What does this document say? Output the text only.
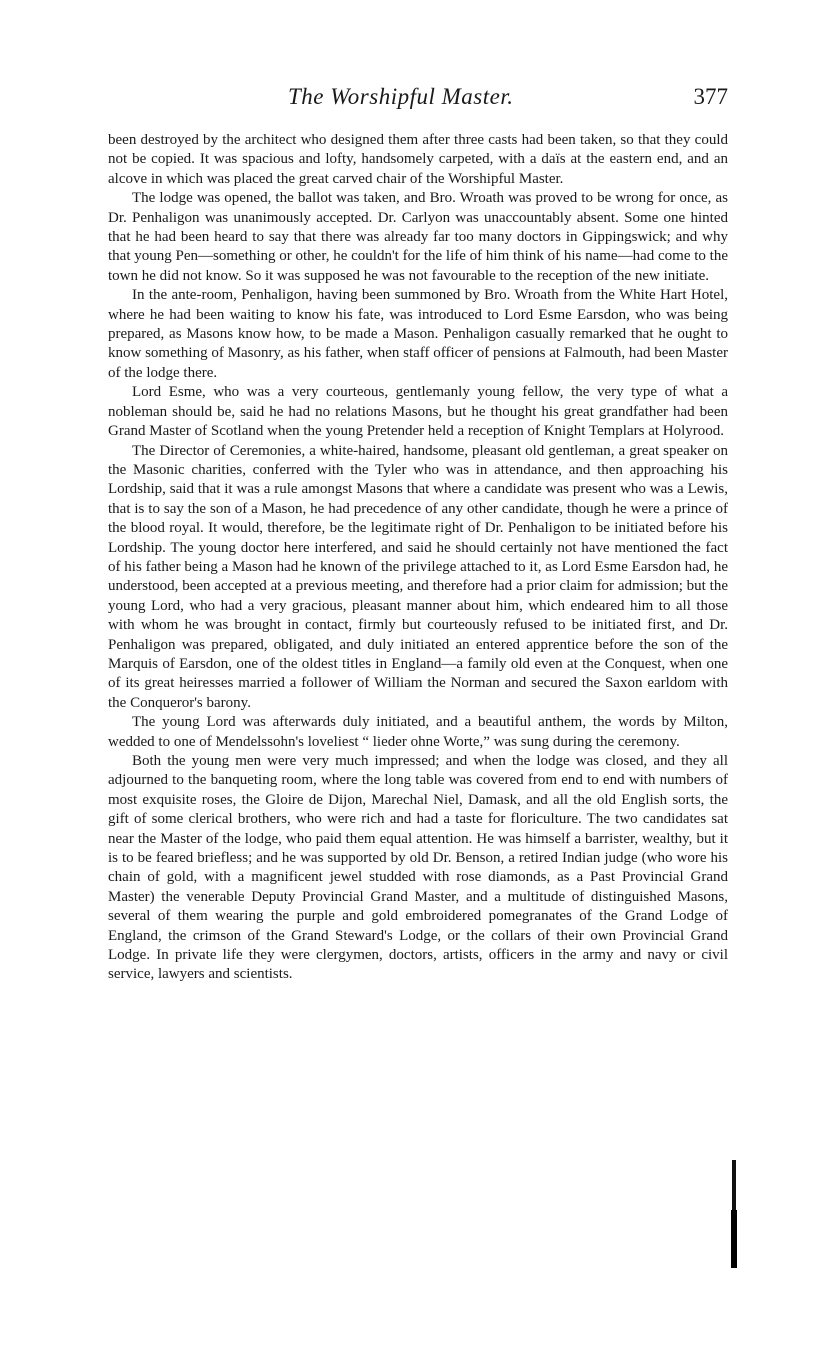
The Worshipful Master.	377

been destroyed by the architect who designed them after three casts had been taken, so that they could not be copied. It was spacious and lofty, handsomely carpeted, with a daïs at the eastern end, and an alcove in which was placed the great carved chair of the Worshipful Master.

The lodge was opened, the ballot was taken, and Bro. Wroath was proved to be wrong for once, as Dr. Penhaligon was unanimously accepted. Dr. Carlyon was unaccountably absent. Some one hinted that he had been heard to say that there was already far too many doctors in Gippingswick; and why that young Pen—something or other, he couldn't for the life of him think of his name—had come to the town he did not know. So it was supposed he was not favourable to the reception of the new initiate.

In the ante-room, Penhaligon, having been summoned by Bro. Wroath from the White Hart Hotel, where he had been waiting to know his fate, was introduced to Lord Esme Earsdon, who was being prepared, as Masons know how, to be made a Mason. Penhaligon casually remarked that he ought to know something of Masonry, as his father, when staff officer of pensions at Falmouth, had been Master of the lodge there.

Lord Esme, who was a very courteous, gentlemanly young fellow, the very type of what a nobleman should be, said he had no relations Masons, but he thought his great grandfather had been Grand Master of Scotland when the young Pretender held a reception of Knight Templars at Holyrood.

The Director of Ceremonies, a white-haired, handsome, pleasant old gentleman, a great speaker on the Masonic charities, conferred with the Tyler who was in attendance, and then approaching his Lordship, said that it was a rule amongst Masons that where a candidate was present who was a Lewis, that is to say the son of a Mason, he had precedence of any other candidate, though he were a prince of the blood royal. It would, therefore, be the legitimate right of Dr. Penhaligon to be initiated before his Lordship. The young doctor here interfered, and said he should certainly not have mentioned the fact of his father being a Mason had he known of the privilege attached to it, as Lord Esme Earsdon had, he understood, been accepted at a previous meeting, and therefore had a prior claim for admission; but the young Lord, who had a very gracious, pleasant manner about him, which endeared him to all those with whom he was brought in contact, firmly but courteously refused to be initiated first, and Dr. Penhaligon was prepared, obligated, and duly initiated an entered apprentice before the son of the Marquis of Earsdon, one of the oldest titles in England—a family old even at the Conquest, when one of its great heiresses married a follower of William the Norman and secured the Saxon earldom with the Conqueror's barony.

The young Lord was afterwards duly initiated, and a beautiful anthem, the words by Milton, wedded to one of Mendelssohn's loveliest “ lieder ohne Worte,” was sung during the ceremony.

Both the young men were very much impressed; and when the lodge was closed, and they all adjourned to the banqueting room, where the long table was covered from end to end with numbers of most exquisite roses, the Gloire de Dijon, Marechal Niel, Damask, and all the old English sorts, the gift of some clerical brothers, who were rich and had a taste for floriculture. The two candidates sat near the Master of the lodge, who paid them equal attention. He was himself a barrister, wealthy, but it is to be feared briefless; and he was supported by old Dr. Benson, a retired Indian judge (who wore his chain of gold, with a magnificent jewel studded with rose diamonds, as a Past Provincial Grand Master) the venerable Deputy Provincial Grand Master, and a multitude of distinguished Masons, several of them wearing the purple and gold embroidered pomegranates of the Grand Lodge of England, the crimson of the Grand Steward's Lodge, or the collars of their own Provincial Grand Lodge. In private life they were clergymen, doctors, artists, officers in the army and navy or civil service, lawyers and scientists.
